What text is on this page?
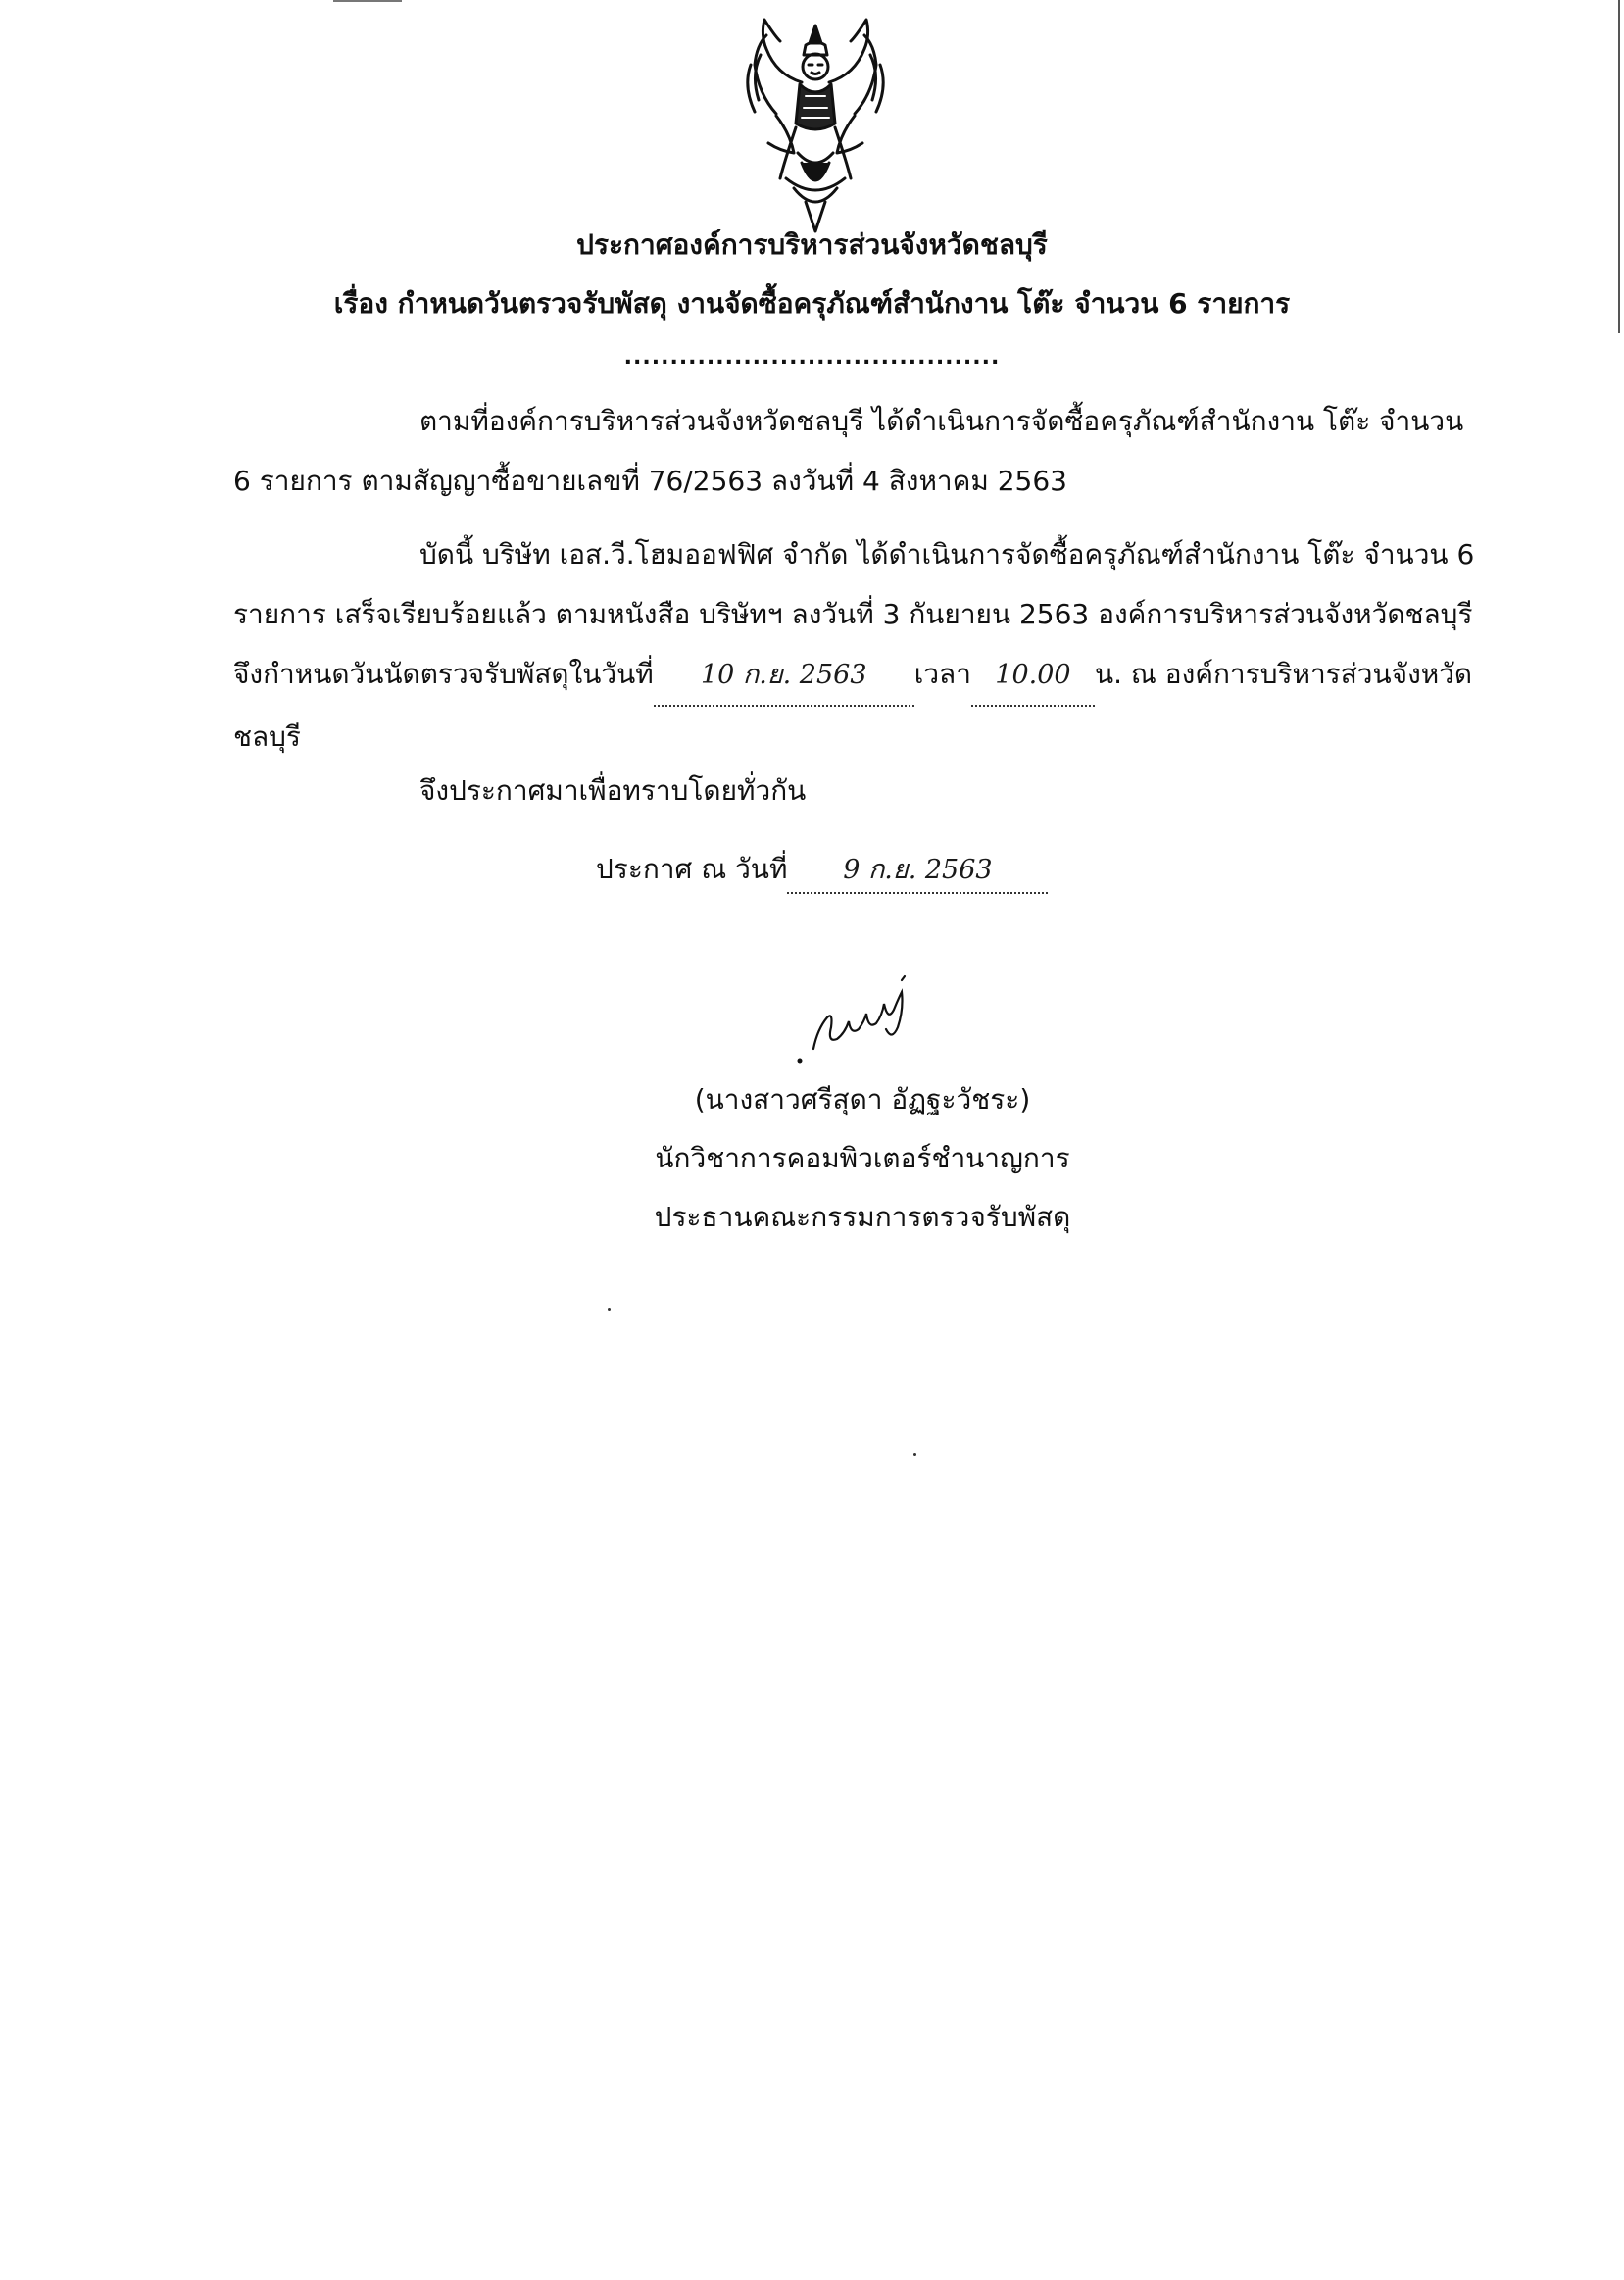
ประกาศองค์การบริหารส่วนจังหวัดชลบุรี
เรื่อง กำหนดวันตรวจรับพัสดุ งานจัดซื้อครุภัณฑ์สำนักงาน โต๊ะ จำนวน 6 รายการ
.........................................
ตามที่องค์การบริหารส่วนจังหวัดชลบุรี ได้ดำเนินการจัดซื้อครุภัณฑ์สำนักงาน โต๊ะ จำนวน 6 รายการ ตามสัญญาซื้อขายเลขที่ 76/2563 ลงวันที่ 4 สิงหาคม 2563
บัดนี้ บริษัท เอส.วี.โฮมออฟฟิศ จำกัด ได้ดำเนินการจัดซื้อครุภัณฑ์สำนักงาน โต๊ะ จำนวน 6 รายการ เสร็จเรียบร้อยแล้ว ตามหนังสือ บริษัทฯ ลงวันที่ 3 กันยายน 2563 องค์การบริหารส่วนจังหวัดชลบุรี จึงกำหนดวันนัดตรวจรับพัสดุในวันที่ 10 ก.ย. 2563 เวลา 10.00 น. ณ องค์การบริหารส่วนจังหวัดชลบุรี
จึงประกาศมาเพื่อทราบโดยทั่วกัน
ประกาศ ณ วันที่ 9 ก.ย. 2563
(นางสาวศรีสุดา อัฏฐะวัชระ)
นักวิชาการคอมพิวเตอร์ชำนาญการ
ประธานคณะกรรมการตรวจรับพัสดุ
